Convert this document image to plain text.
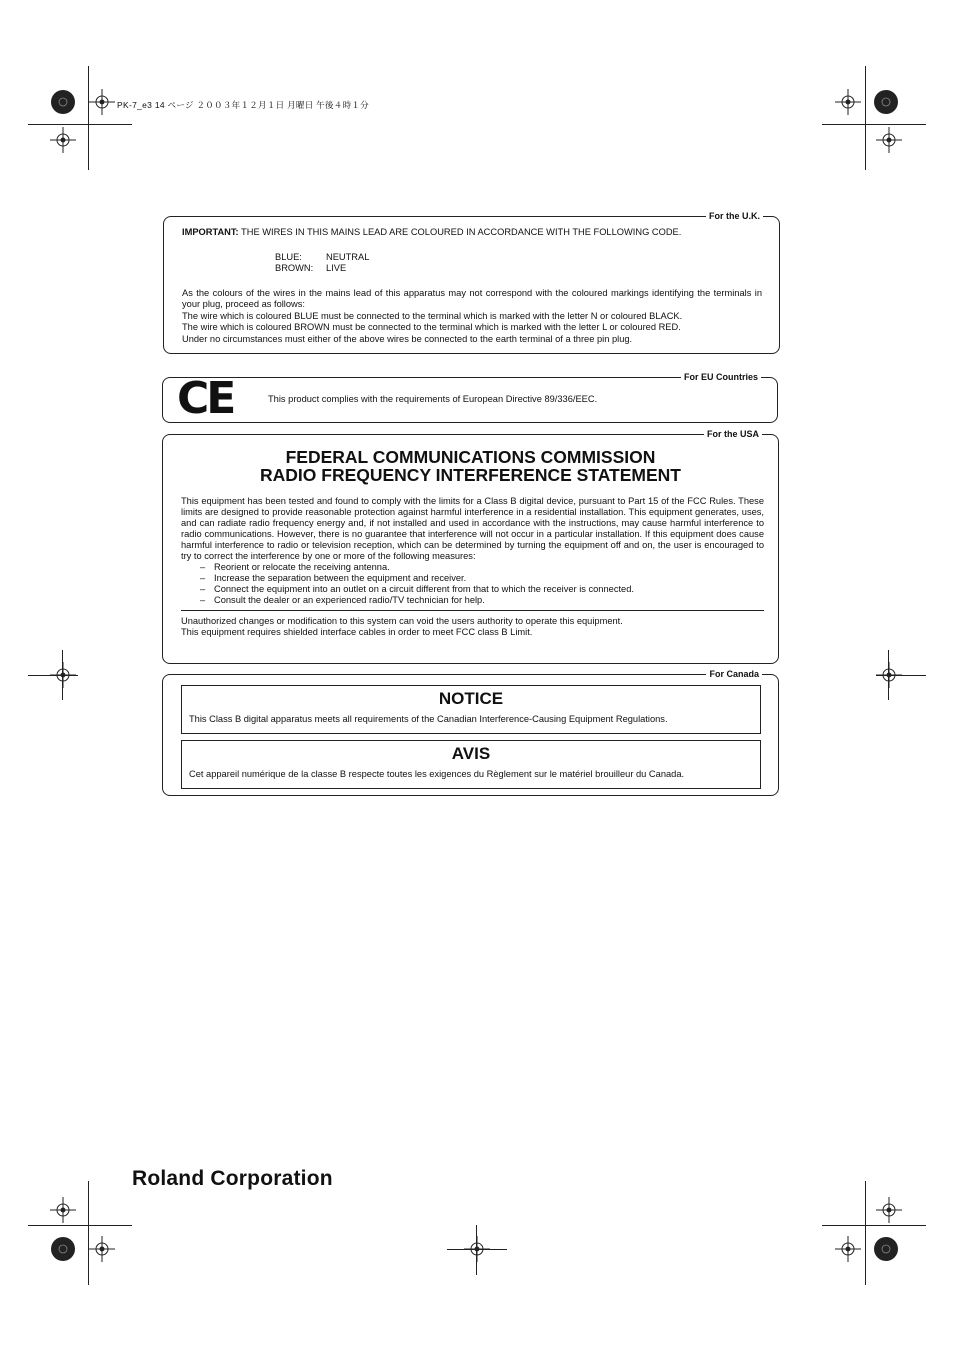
PK-7_e3 14 ページ ２００３年１２月１日 月曜日 午後４時１分
For the U.K.

IMPORTANT: THE WIRES IN THIS MAINS LEAD ARE COLOURED IN ACCORDANCE WITH THE FOLLOWING CODE.

BLUE:	NEUTRAL
BROWN:	LIVE

As the colours of the wires in the mains lead of this apparatus may not correspond with the coloured markings identifying the terminals in your plug, proceed as follows:

The wire which is coloured BLUE must be connected to the terminal which is marked with the letter N or coloured BLACK.

The wire which is coloured BROWN must be connected to the terminal which is marked with the letter L or coloured RED.

Under no circumstances must either of the above wires be connected to the earth terminal of a three pin plug.

For EU Countries
CE	This product complies with the requirements of European Directive 89/336/EEC.
For the USA
FEDERAL COMMUNICATIONS COMMISSION
RADIO FREQUENCY INTERFERENCE STATEMENT

This equipment has been tested and found to comply with the limits for a Class B digital device, pursuant to Part 15 of the FCC Rules. These limits are designed to provide reasonable protection against harmful interference in a residential installation. This equipment generates, uses, and can radiate radio frequency energy and, if not installed and used in accordance with the instructions, may cause harmful interference to radio communications. However, there is no guarantee that interference will not occur in a particular installation. If this equipment does cause harmful interference to radio or television reception, which can be determined by turning the equipment off and on, the user is encouraged to try to correct the interference by one or more of the following measures:

– Reorient or relocate the receiving antenna.
– Increase the separation between the equipment and receiver.
– Connect the equipment into an outlet on a circuit different from that to which the receiver is connected.
– Consult the dealer or an experienced radio/TV technician for help.

Unauthorized changes or modification to this system can void the users authority to operate this equipment.

This equipment requires shielded interface cables in order to meet FCC class B Limit.

For Canada
NOTICE
This Class B digital apparatus meets all requirements of the Canadian Interference-Causing Equipment Regulations.
AVIS
Cet appareil numérique de la classe B respecte toutes les exigences du Règlement sur le matériel brouilleur du Canada.
Roland Corporation
